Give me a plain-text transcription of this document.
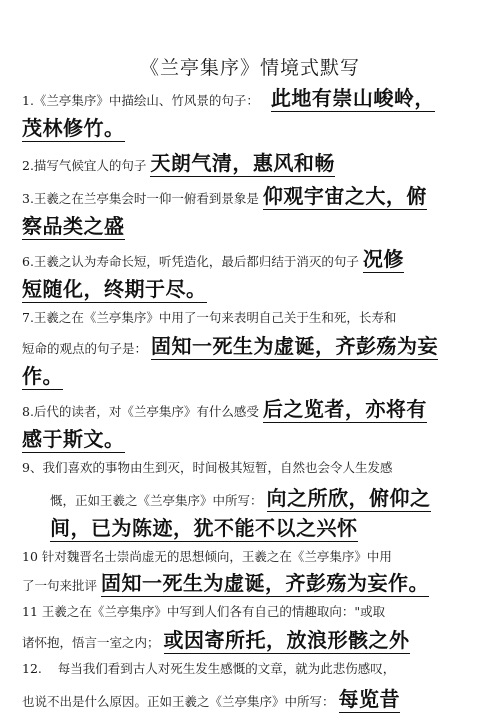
《兰亭集序》情境式默写
1.《兰亭集序》中描绘山、竹风景的句子： 此地有崇山峻岭，
茂林修竹。
2.描写气候宜人的句子 天朗气清，惠风和畅
3.王羲之在兰亭集会时一仰一俯看到景象是 仰观宇宙之大，俯
察品类之盛
6.王羲之认为寿命长短，听凭造化，最后都归结于消灭的句子 况修
短随化，终期于尽。
7.王羲之在《兰亭集序》中用了一句来表明自己关于生和死，长寿和
短命的观点的句子是： 固知一死生为虚诞，齐彭殇为妄
作。
8.后代的读者，对《兰亭集序》有什么感受 后之览者，亦将有
感于斯文。
9、我们喜欢的事物由生到灭，时间极其短暂，自然也会令人生发感
慨，正如王羲之《兰亭集序》中所写： 向之所欣，俯仰之
间，已为陈迹，犹不能不以之兴怀
10 针对魏晋名士崇尚虚无的思想倾向，王羲之在《兰亭集序》中用
了一句来批评 固知一死生为虚诞，齐彭殇为妄作。
11 王羲之在《兰亭集序》中写到人们各有自己的情趣取向："或取
诸怀抱，悟言一室之内； 或因寄所托，放浪形骸之外
12.    每当我们看到古人对死生发生感慨的文章，就为此悲伤感叹，
也说不出是什么原因。正如王羲之《兰亭集序》中所写： 每览昔
